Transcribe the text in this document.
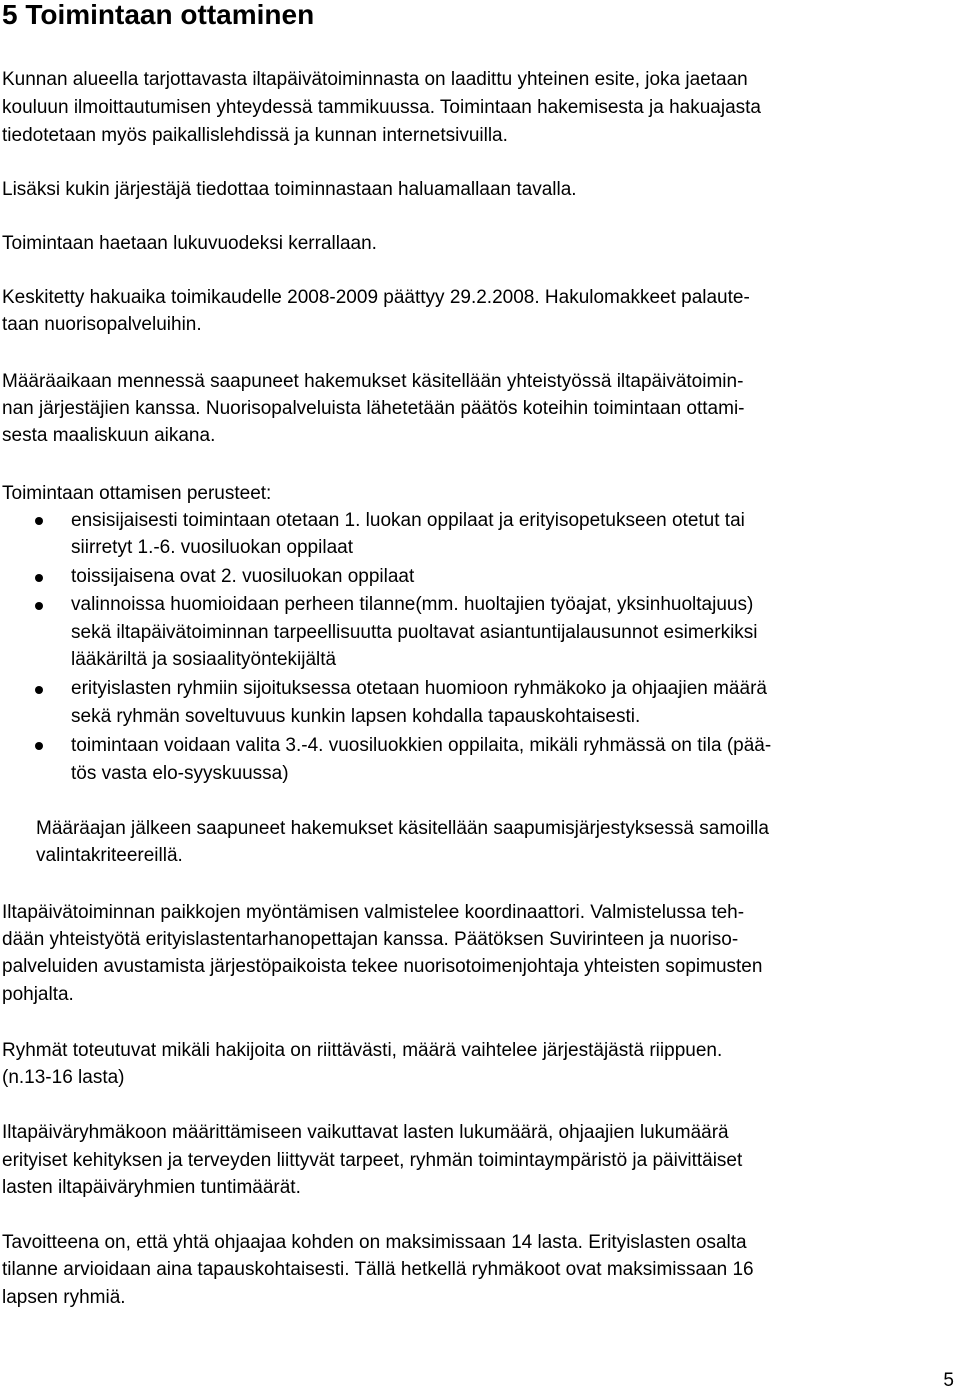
5 Toimintaan ottaminen

Kunnan alueella tarjottavasta iltapäivätoiminnasta on laadittu yhteinen esite, joka jaetaan

kouluun ilmoittautumisen yhteydessä tammikuussa. Toimintaan hakemisesta ja hakuajasta

tiedotetaan myös paikallislehdissä ja kunnan internetsivuilla.

Lisäksi kukin järjestäjä tiedottaa toiminnastaan haluamallaan tavalla.

Toimintaan haetaan lukuvuodeksi kerrallaan.

Keskitetty hakuaika toimikaudelle 2008-2009 päättyy 29.2.2008. Hakulomakkeet palaute-

taan nuorisopalveluihin.

Määräaikaan mennessä saapuneet hakemukset käsitellään yhteistyössä iltapäivätoimin-

nan järjestäjien kanssa. Nuorisopalveluista lähetetään päätös koteihin toimintaan ottami-

sesta maaliskuun aikana.

Toimintaan ottamisen perusteet:

ensisijaisesti toimintaan otetaan 1. luokan oppilaat ja erityisopetukseen otetut tai

siirretyt 1.-6. vuosiluokan oppilaat

toissijaisena ovat 2. vuosiluokan oppilaat

valinnoissa huomioidaan perheen tilanne(mm. huoltajien työajat, yksinhuoltajuus)

sekä iltapäivätoiminnan tarpeellisuutta puoltavat asiantuntijalausunnot esimerkiksi

lääkäriltä ja sosiaalityöntekijältä

erityislasten ryhmiin sijoituksessa otetaan huomioon ryhmäkoko ja ohjaajien määrä

sekä ryhmän soveltuvuus kunkin lapsen kohdalla tapauskohtaisesti.

toimintaan voidaan valita 3.-4. vuosiluokkien oppilaita, mikäli ryhmässä on tila (pää-

tös vasta elo-syyskuussa)

Määräajan jälkeen saapuneet hakemukset käsitellään saapumisjärjestyksessä samoilla

valintakriteereillä.

Iltapäivätoiminnan paikkojen myöntämisen valmistelee koordinaattori. Valmistelussa teh-

dään yhteistyötä erityislastentarhanopettajan kanssa. Päätöksen Suvirinteen ja nuoriso-

palveluiden avustamista järjestöpaikoista tekee nuorisotoimenjohtaja yhteisten sopimusten

pohjalta.

Ryhmät toteutuvat mikäli hakijoita on riittävästi, määrä vaihtelee järjestäjästä riippuen.

(n.13-16 lasta)

Iltapäiväryhmäkoon määrittämiseen vaikuttavat lasten lukumäärä, ohjaajien lukumäärä

erityiset kehityksen ja terveyden liittyvät tarpeet, ryhmän toimintaympäristö ja päivittäiset

lasten iltapäiväryhmien tuntimäärät.

Tavoitteena on, että yhtä ohjaajaa kohden on maksimissaan 14 lasta. Erityislasten osalta

tilanne arvioidaan aina tapauskohtaisesti. Tällä hetkellä ryhmäkoot ovat maksimissaan 16

lapsen ryhmiä.

5
